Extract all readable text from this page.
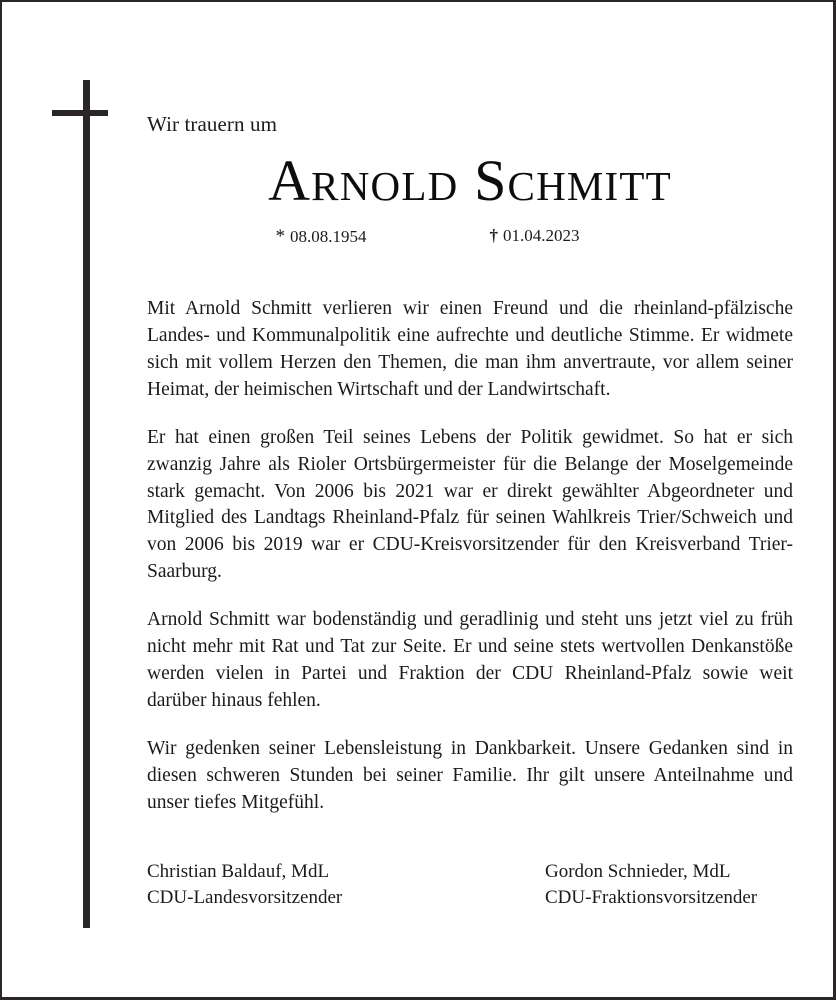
Wir trauern um
Arnold Schmitt
* 08.08.1954	† 01.04.2023

Mit Arnold Schmitt verlieren wir einen Freund und die rheinland-pfälzische Landes- und Kommunalpolitik eine aufrechte und deutliche Stimme. Er widmete sich mit vollem Herzen den Themen, die man ihm anvertraute, vor allem seiner Heimat, der heimischen Wirtschaft und der Landwirtschaft.

Er hat einen großen Teil seines Lebens der Politik gewidmet. So hat er sich zwanzig Jahre als Rioler Ortsbürgermeister für die Belange der Moselgemeinde stark gemacht. Von 2006 bis 2021 war er direkt gewählter Abgeordneter und Mitglied des Landtags Rheinland-Pfalz für seinen Wahlkreis Trier/Schweich und von 2006 bis 2019 war er CDU-Kreisvorsitzender für den Kreisverband Trier-Saarburg.

Arnold Schmitt war bodenständig und geradlinig und steht uns jetzt viel zu früh nicht mehr mit Rat und Tat zur Seite. Er und seine stets wertvollen Denkanstöße werden vielen in Partei und Fraktion der CDU Rheinland-Pfalz sowie weit darüber hinaus fehlen.

Wir gedenken seiner Lebensleistung in Dankbarkeit. Unsere Gedanken sind in diesen schweren Stunden bei seiner Familie. Ihr gilt unsere Anteilnahme und unser tiefes Mitgefühl.

Christian Baldauf, MdL
CDU-Landesvorsitzender
Gordon Schnieder, MdL
CDU-Fraktionsvorsitzender
